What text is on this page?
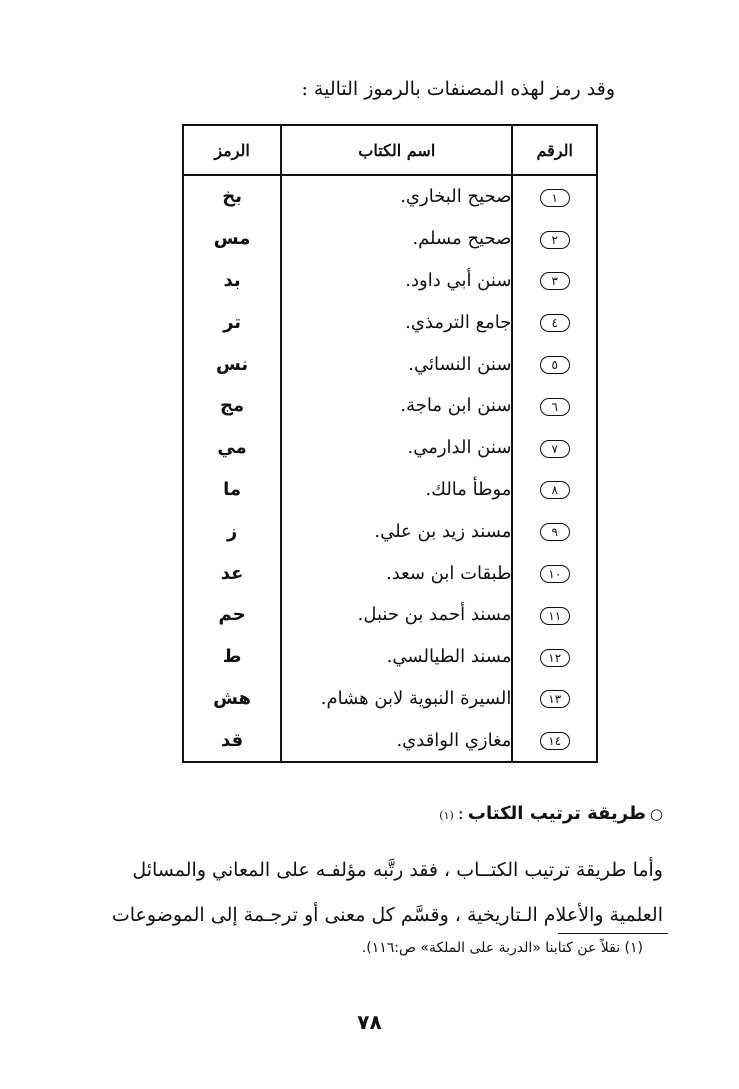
وقد رمز لهذه المصنفات بالرموز التالية :
الرقم	اسم الكتاب	الرمز
١	صحيح البخاري.	بخ
٢	صحيح مسلم.	مس
٣	سنن أبي داود.	بد
٤	جامع الترمذي.	تر
٥	سنن النسائي.	نس
٦	سنن ابن ماجة.	مج
٧	سنن الدارمي.	مي
٨	موطأ مالك.	ما
٩	مسند زيد بن علي.	ز
١٠	طبقات ابن سعد.	عد
١١	مسند أحمد بن حنبل.	حم
١٢	مسند الطيالسي.	ط
١٣	السيرة النبوية لابن هشام.	هش
١٤	مغازي الواقدي.	قد
○
طريقة ترتيب الكتاب
:
(١)

وأما طريقة ترتيب الكتــاب ، فقد رتَّبه مؤلفـه على المعاني والمسائل

العلمية والأعلام الـتاريخية ، وقسَّم كل معنى أو ترجـمة إلى الموضوعات

(١) نقلاً عن كتابنا «الدربة على الملكة» ص:١١٦).
٧٨
